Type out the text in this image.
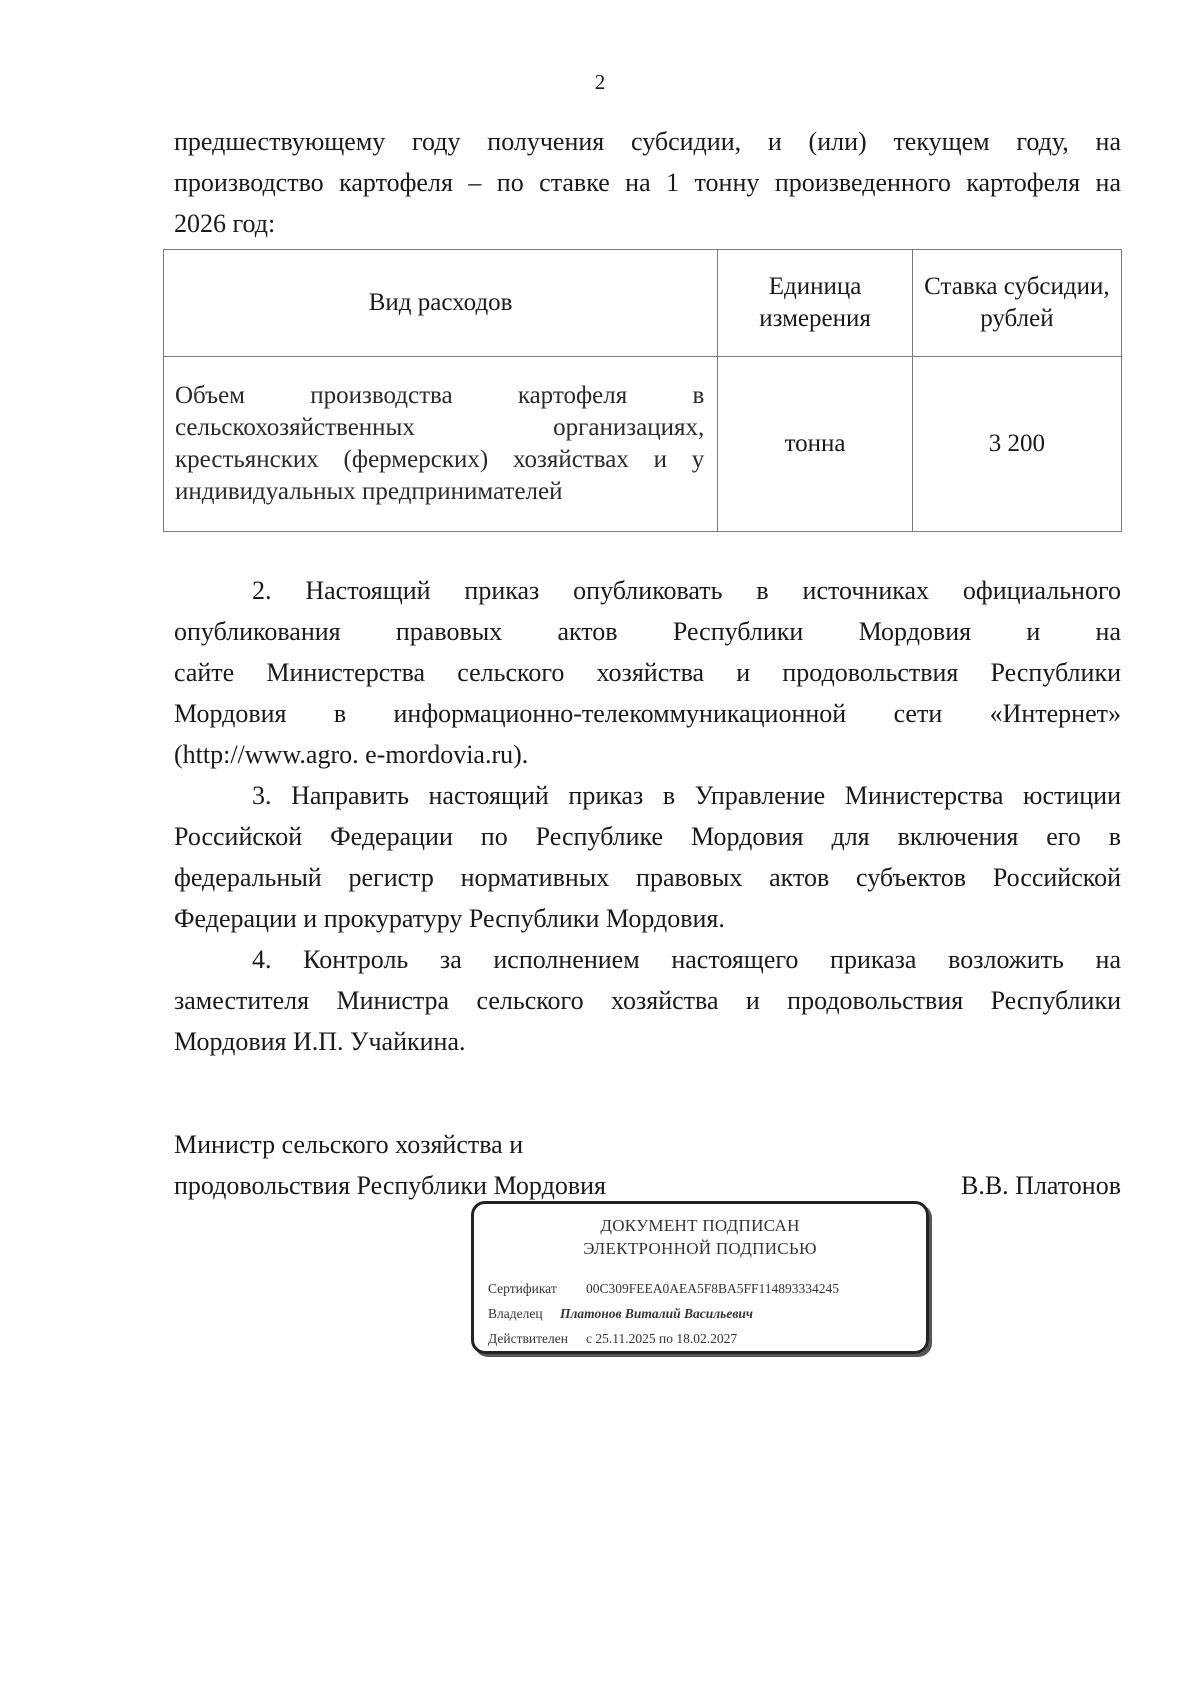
2
предшествующему году получения субсидии, и (или) текущем году, на
производство картофеля – по ставке на 1 тонну произведенного картофеля на
2026 год:
Вид расходов	Единица измерения	Ставка субсидии, рублей
Объем производства картофеля в сельскохозяйственных организациях, крестьянских (фермерских) хозяйствах и у индивидуальных предпринимателей	тонна	3 200
2. Настоящий приказ опубликовать в источниках официального
опубликования правовых актов Республики Мордовия и на
сайте Министерства сельского хозяйства и продовольствия Республики
Мордовия в информационно-телекоммуникационной сети «Интернет»
(http://www.agro. e-mordovia.ru).
3. Направить настоящий приказ в Управление Министерства юстиции
Российской Федерации по Республике Мордовия для включения его в
федеральный регистр нормативных правовых актов субъектов Российской
Федерации и прокуратуру Республики Мордовия.
4. Контроль за исполнением настоящего приказа возложить на
заместителя Министра сельского хозяйства и продовольствия Республики
Мордовия И.П. Учайкина.
Министр сельского хозяйства и
продовольствия Республики Мордовия	В.В. Платонов
ДОКУМЕНТ ПОДПИСАН
ЭЛЕКТРОННОЙ ПОДПИСЬЮ
Сертификат 00C309FEEA0AEA5F8BA5FF114893334245
Владелец Платонов Виталий Васильевич
Действителен с 25.11.2025 по 18.02.2027
